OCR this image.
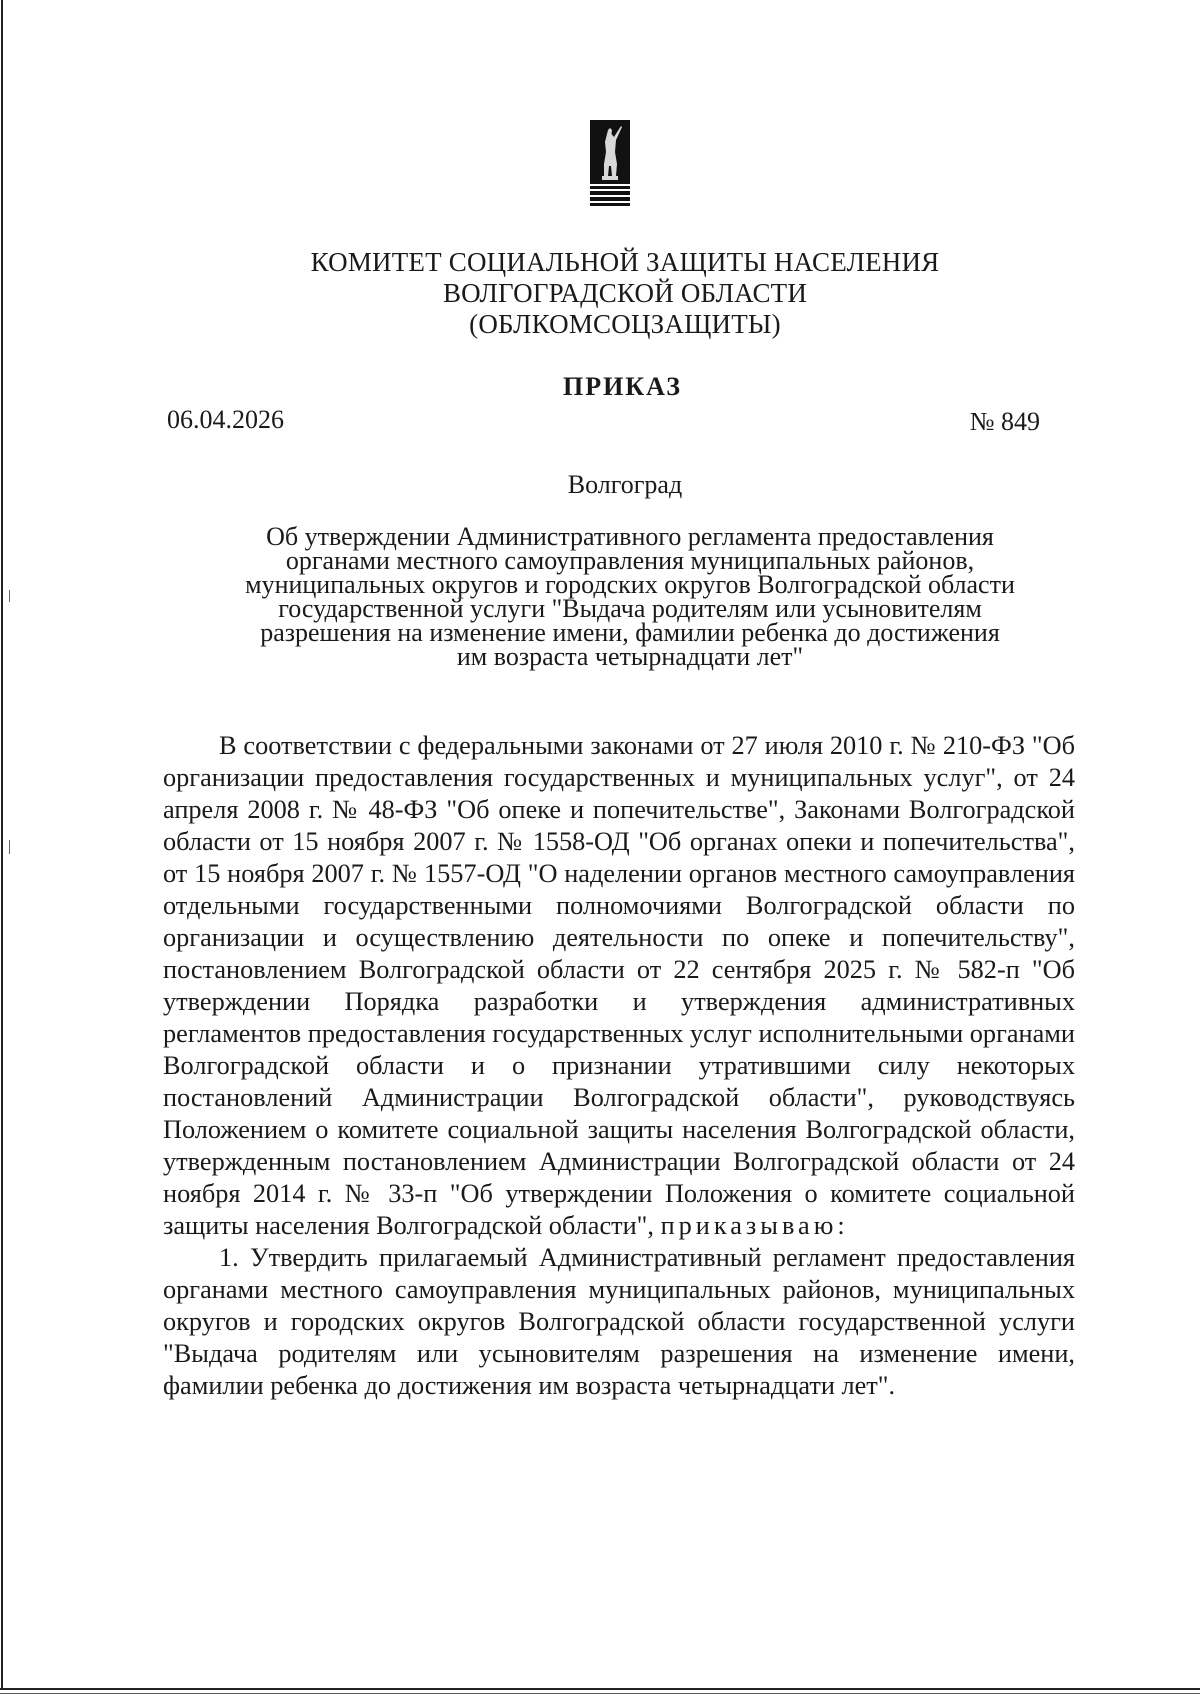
КОМИТЕТ СОЦИАЛЬНОЙ ЗАЩИТЫ НАСЕЛЕНИЯ
ВОЛГОГРАДСКОЙ ОБЛАСТИ
(ОБЛКОМСОЦЗАЩИТЫ)
ПРИКАЗ
06.04.2026	№ 849
Волгоград
Об утверждении Административного регламента предоставления
органами местного самоуправления муниципальных районов,
муниципальных округов и городских округов Волгоградской области
государственной услуги "Выдача родителям или усыновителям
разрешения на изменение имени, фамилии ребенка до достижения
им возраста четырнадцати лет"

В соответствии с федеральными законами от 27 июля 2010 г. № 210-ФЗ "Об организации предоставления государственных и муниципальных услуг", от 24 апреля 2008 г. № 48-ФЗ "Об опеке и попечительстве", Законами Волгоградской области от 15 ноября 2007 г. № 1558-ОД "Об органах опеки и попечительства", от 15 ноября 2007 г. № 1557-ОД "О наделении органов местного самоуправления отдельными государственными полномочиями Волгоградской области по организации и осуществлению деятельности по опеке и попечительству", постановлением Волгоградской области от 22 сентября 2025 г. № 582-п "Об утверждении Порядка разработки и утверждения административных регламентов предоставления государственных услуг исполнительными органами Волгоградской области и о признании утратившими силу некоторых постановлений Администрации Волгоградской области", руководствуясь Положением о комитете социальной защиты населения Волгоградской области, утвержденным постановлением Администрации Волгоградской области от 24 ноября 2014 г. № 33-п "Об утверждении Положения о комитете социальной защиты населения Волгоградской области", приказываю:

1. Утвердить прилагаемый Административный регламент предоставления органами местного самоуправления муниципальных районов, муниципальных округов и городских округов Волгоградской области государственной услуги "Выдача родителям или усыновителям разрешения на изменение имени, фамилии ребенка до достижения им возраста четырнадцати лет".
